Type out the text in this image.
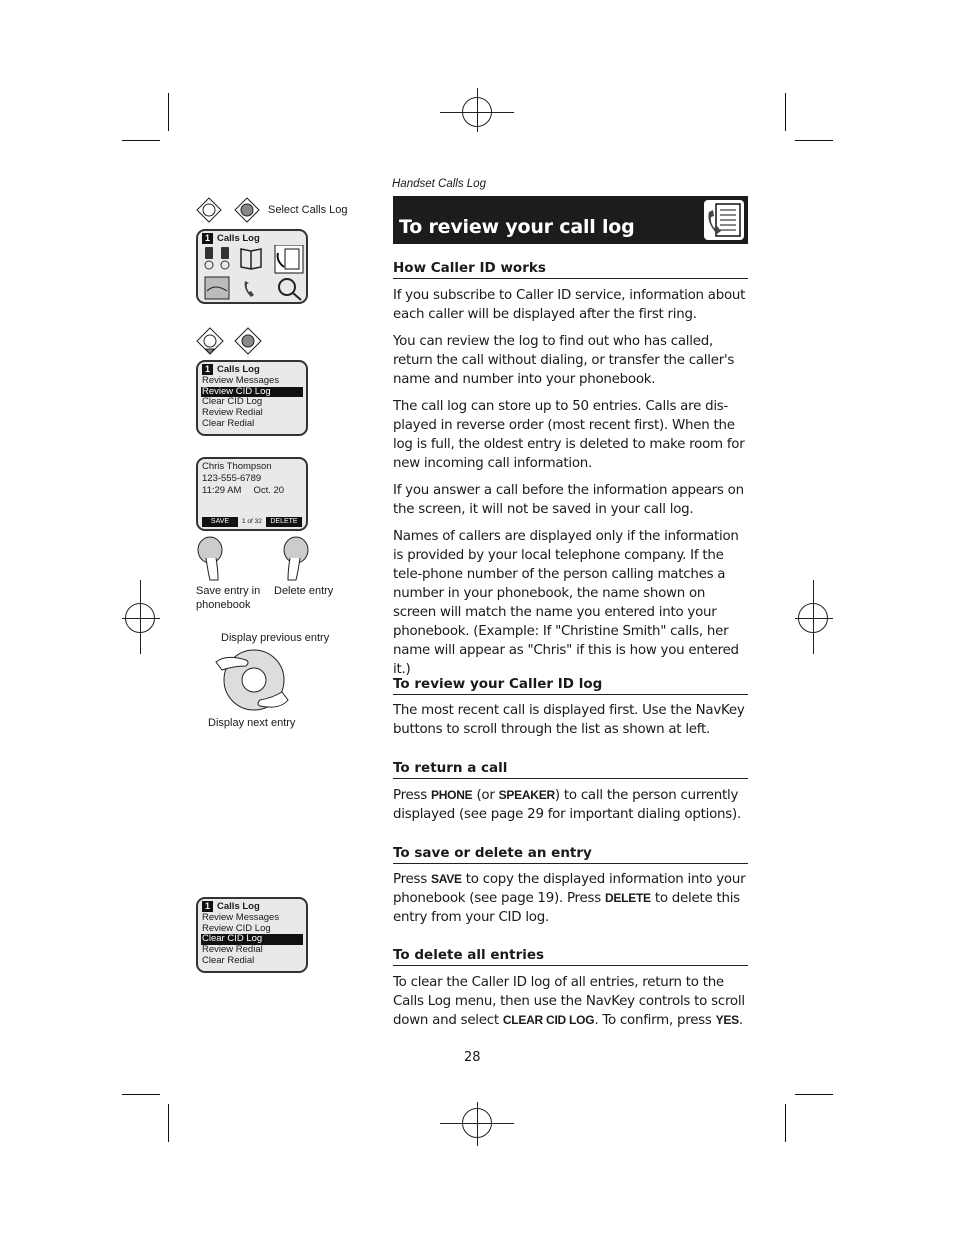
Handset Calls Log
To review your call log
How Caller ID works

If you subscribe to Caller ID service, information about each caller will be displayed after the first ring.

You can review the log to find out who has called, return the call without dialing, or transfer the caller's name and number into your phonebook.

The call log can store up to 50 entries. Calls are dis-played in reverse order (most recent first). When the log is full, the oldest entry is deleted to make room for new incoming call information.

If you answer a call before the information appears on the screen, it will not be saved in your call log.

Names of callers are displayed only if the information is provided by your local telephone company. If the tele-phone number of the person calling matches a number in your phonebook, the name shown on screen will match the name you entered into your phonebook. (Example: If "Christine Smith" calls, her name will appear as "Chris" if this is how you entered it.)

To review your Caller ID log

The most recent call is displayed first. Use the NavKey buttons to scroll through the list as shown at left.

To return a call

Press PHONE (or SPEAKER) to call the person currently displayed (see page 29 for important dialing options).

To save or delete an entry

Press SAVE to copy the displayed information into your phonebook (see page 19). Press DELETE to delete this entry from your CID log.

To delete all entries

To clear the Caller ID log of all entries, return to the Calls Log menu, then use the NavKey controls to scroll down and select CLEAR CID LOG. To confirm, press YES.

28
Select Calls Log
1 Calls Log
1 Calls Log
Review Messages
Review CID Log
Clear CID Log
Review Redial
Clear Redial
Chris Thompson
123-555-6789
11:29 AM Oct. 20
SAVE	1 of 32	DELETE
Save entry in
phonebook
Delete entry
Display previous entry
Display next entry
1 Calls Log
Review Messages
Review CID Log
Clear CID Log
Review Redial
Clear Redial
